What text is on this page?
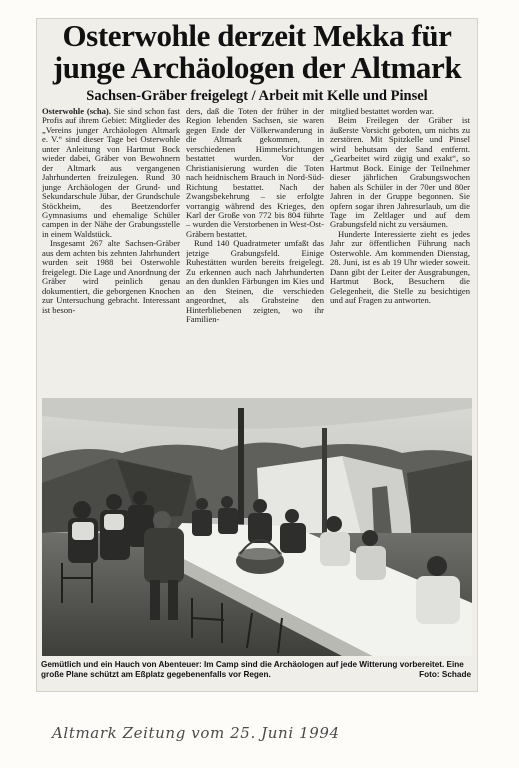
Osterwohle derzeit Mekka für
junge Archäologen der Altmark
Sachsen-Gräber freigelegt / Arbeit mit Kelle und Pinsel

Osterwohle (scha). Sie sind schon fast Profis auf ihrem Gebiet: Mitglieder des „Vereins junger Archäologen Altmark e. V.“ sind dieser Tage bei Osterwohle unter Anleitung von Hartmut Bock wieder dabei, Gräber von Bewohnern der Altmark aus vergangenen Jahrhunderten freizulegen. Rund 30 junge Archäologen der Grund- und Sekundarschule Jübar, der Grundschule Stöckheim, des Beetzendorfer Gymnasiums und ehemalige Schüler campen in der Nähe der Grabungsstelle in einem Waldstück.

Insgesamt 267 alte Sachsen-Gräber aus dem achten bis zehnten Jahrhundert wurden seit 1988 bei Osterwohle freigelegt. Die Lage und Anordnung der Gräber wird peinlich genau dokumentiert, die geborgenen Knochen zur Untersuchung gebracht. Interessant ist beson-

ders, daß die Toten der früher in der Region lebenden Sachsen, sie waren gegen Ende der Völkerwanderung in die Altmark gekommen, in verschiedenen Himmelsrichtungen bestattet wurden. Vor der Christianisierung wurden die Toten nach heidnischem Brauch in Nord-Süd-Richtung bestattet. Nach der Zwangsbekehrung – sie erfolgte vorrangig während des Krieges, den Karl der Große von 772 bis 804 führte – wurden die Verstorbenen in West-Ost-Gräbern bestattet.

Rund 140 Quadratmeter umfaßt das jetzige Grabungsfeld. Einige Ruhestätten wurden bereits freigelegt. Zu erkennen auch nach Jahrhunderten an den dunklen Färbungen im Kies und an den Steinen, die verschieden angeordnet, als Grabsteine den Hinterbliebenen zeigten, wo ihr Familien-

mitglied bestattet worden war.

Beim Freilegen der Gräber ist äußerste Vorsicht geboten, um nichts zu zerstören. Mit Spitzkelle und Pinsel wird behutsam der Sand entfernt. „Gearbeitet wird zügig und exakt“, so Hartmut Bock. Einige der Teilnehmer dieser jährlichen Grabungswochen haben als Schüler in der 70er und 80er Jahren in der Gruppe begonnen. Sie opfern sogar ihren Jahresurlaub, um die Tage im Zeltlager und auf dem Grabungsfeld nicht zu versäumen.

Hunderte Interessierte zieht es jedes Jahr zur öffentlichen Führung nach Osterwohle. Am kommenden Dienstag, 28. Juni, ist es ab 19 Uhr wieder soweit. Dann gibt der Leiter der Ausgrabungen, Hartmut Bock, Besuchern die Gelegenheit, die Stelle zu besichtigen und auf Fragen zu antworten.

Gemütlich und ein Hauch von Abenteuer: Im Camp sind die Archäologen auf jede Witterung vorbereitet. Eine große Plane schützt am Eßplatz gegebenenfalls vor Regen.	Foto: Schade
Altmark Zeitung vom 25. Juni 1994
